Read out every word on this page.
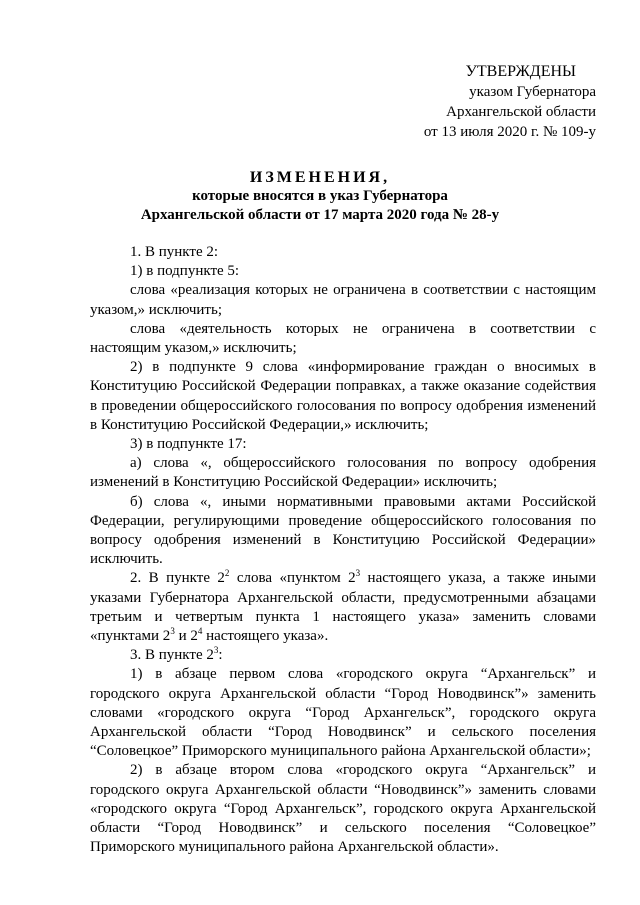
УТВЕРЖДЕНЫ
указом Губернатора
Архангельской области
от 13 июля 2020 г. № 109-у
ИЗМЕНЕНИЯ,
которые вносятся в указ Губернатора
Архангельской области от 17 марта 2020 года № 28-у

1. В пункте 2:

1) в подпункте 5:

слова «реализация которых не ограничена в соответствии с настоящим указом,» исключить;

слова «деятельность которых не ограничена в соответствии с настоящим указом,» исключить;

2) в подпункте 9 слова «информирование граждан о вносимых в Конституцию Российской Федерации поправках, а также оказание содействия в проведении общероссийского голосования по вопросу одобрения изменений в Конституцию Российской Федерации,» исключить;

3) в подпункте 17:

а) слова «, общероссийского голосования по вопросу одобрения изменений в Конституцию Российской Федерации» исключить;

б) слова «, иными нормативными правовыми актами Российской Федерации, регулирующими проведение общероссийского голосования по вопросу одобрения изменений в Конституцию Российской Федерации» исключить.

2. В пункте $2^2$ слова «пунктом $2^3$ настоящего указа, а также иными указами Губернатора Архангельской области, предусмотренными абзацами третьим и четвертым пункта 1 настоящего указа» заменить словами «пунктами $2^3$ и $2^4$ настоящего указа».

3. В пункте $2^3$:

1) в абзаце первом слова «городского округа “Архангельск” и городского округа Архангельской области “Город Новодвинск”» заменить словами «городского округа “Город Архангельск”, городского округа Архангельской области “Город Новодвинск” и сельского поселения “Соловецкое” Приморского муниципального района Архангельской области»;

2) в абзаце втором слова «городского округа “Архангельск” и городского округа Архангельской области “Новодвинск”» заменить словами «городского округа “Город Архангельск”, городского округа Архангельской области “Город Новодвинск” и сельского поселения “Соловецкое” Приморского муниципального района Архангельской области».
